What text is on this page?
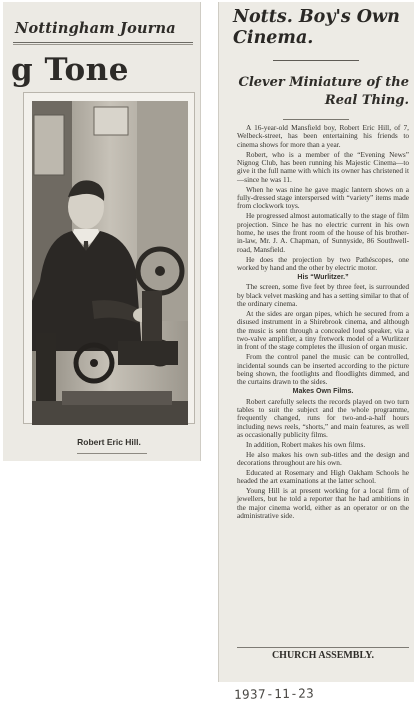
Nottingham Journa
g Tone
Robert Eric Hill.
Notts. Boy's Own Cinema.
Clever Miniature of the Real Thing.

A 16-year-old Mansfield boy, Robert Eric Hill, of 7, Welbeck-street, has been entertaining his friends to cinema shows for more than a year.

Robert, who is a member of the “Evening News” Nignog Club, has been running his Majestic Cinema—to give it the full name with which its owner has christened it—since he was 11.

When he was nine he gave magic lantern shows on a fully-dressed stage interspersed with “variety” items made from clockwork toys.

He progressed almost automatically to the stage of film projection. Since he has no electric current in his own home, he uses the front room of the house of his brother-in-law, Mr. J. A. Chapman, of Sunnyside, 86 Southwell-road, Mansfield.

He does the projection by two Pathéscopes, one worked by hand and the other by electric motor.

His “Wurlitzer.”

The screen, some five feet by three feet, is surrounded by black velvet masking and has a setting similar to that of the ordinary cinema.

At the sides are organ pipes, which he secured from a disused instrument in a Shirebrook cinema, and although the music is sent through a concealed loud speaker, via a two-valve amplifier, a tiny fretwork model of a Wurlitzer in front of the stage completes the illusion of organ music.

From the control panel the music can be controlled, incidental sounds can be inserted according to the picture being shown, the footlights and floodlights dimmed, and the curtains drawn to the sides.

Makes Own Films.

Robert carefully selects the records played on two turn tables to suit the subject and the whole programme, frequently changed, runs for two-and-a-half hours including news reels, “shorts,” and main features, as well as occasionally publicity films.

In addition, Robert makes his own films.

He also makes his own sub-titles and the design and decorations throughout are his own.

Educated at Rosemary and High Oakham Schools he headed the art examinations at the latter school.

Young Hill is at present working for a local firm of jewellers, but he told a reporter that he had ambitions in the major cinema world, either as an operator or on the administrative side.

CHURCH ASSEMBLY.
1937-11-23
